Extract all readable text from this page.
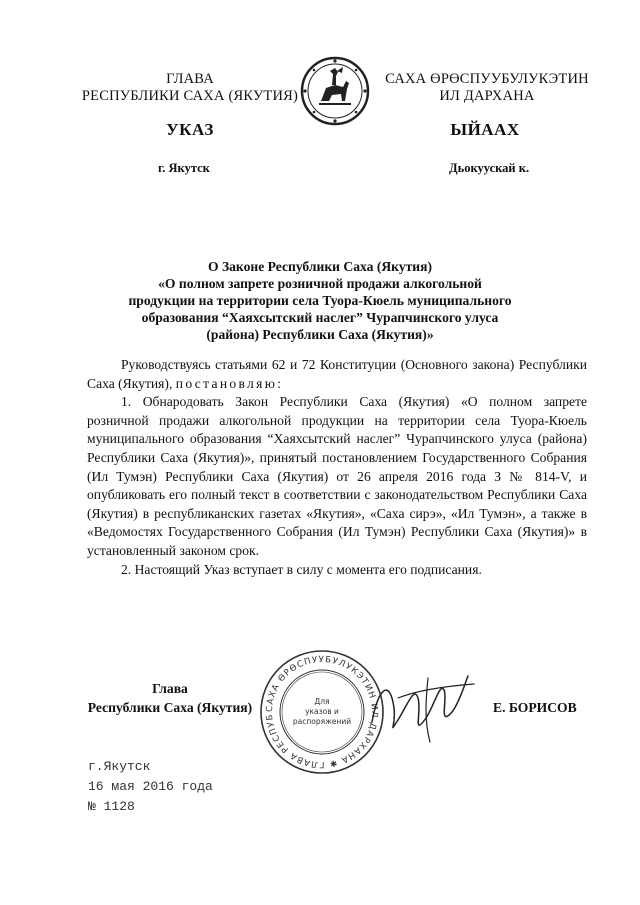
ГЛАВА
РЕСПУБЛИКИ САХА (ЯКУТИЯ)
САХА ӨРӨСПУУБУЛУКЭТИН
ИЛ ДАРХАНА
УКАЗ	ЫЙААХ
г. Якутск	Дьокуускай к.
О Законе Республики Саха (Якутия)
«О полном запрете розничной продажи алкогольной
продукции на территории села Туора-Кюель муниципального
образования “Хаяхсытский наслег” Чурапчинского улуса
(района) Республики Саха (Якутия)»

Руководствуясь статьями 62 и 72 Конституции (Основного закона) Республики Саха (Якутия), постановляю:

1. Обнародовать Закон Республики Саха (Якутия) «О полном запрете розничной продажи алкогольной продукции на территории села Туора-Кюель муниципального образования “Хаяхсытский наслег” Чурапчинского улуса (района) Республики Саха (Якутия)», принятый постановлением Государственного Собрания (Ил Тумэн) Республики Саха (Якутия) от 26 апреля 2016 года З № 814-V, и опубликовать его полный текст в соответствии с законодательством Республики Саха (Якутия) в республиканских газетах «Якутия», «Саха сирэ», «Ил Тумэн», а также в «Ведомостях Государственного Собрания (Ил Тумэн) Республики Саха (Якутия)» в установленный законом срок.

2. Настоящий Указ вступает в силу с момента его подписания.

САХА ӨРӨСПУУБУЛУКЭТИН ИЛ ДАРХАНА ✱ ГЛАВА РЕСПУБ
Для
указов и
распоряжений
Глава
Республики Саха (Якутия)	Е. БОРИСОВ
г.Якутск
16 мая 2016 года
№ 1128
